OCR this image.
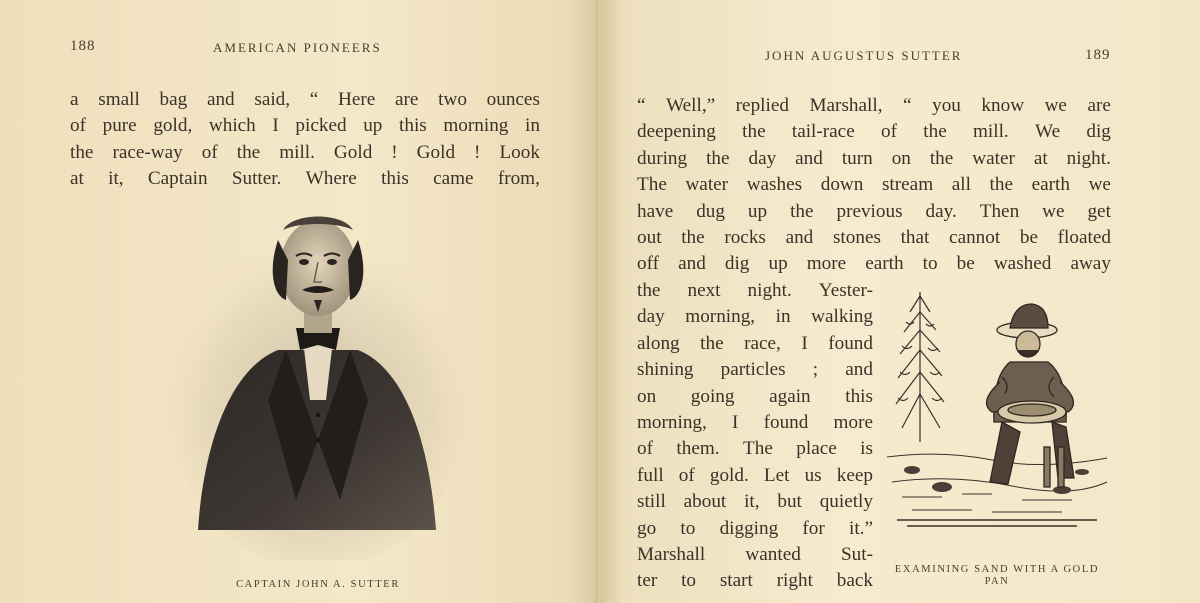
188	AMERICAN PIONEERS
a small bag and said, “ Here are two ounces
of pure gold, which I picked up this morning in
the race-way of the mill. Gold ! Gold ! Look
at it, Captain Sutter. Where this came from,
CAPTAIN JOHN A. SUTTER
JOHN AUGUSTUS SUTTER	189
“ Well,” replied Marshall, “ you know we are
deepening the tail-race of the mill. We dig
during the day and turn on the water at night.
The water washes down stream all the earth we
have dug up the previous day. Then we get
out the rocks and stones that cannot be floated
off and dig up more earth to be washed away
the next night. Yester-
day morning, in walking
along the race, I found
shining particles ; and
on going again this
morning, I found more
of them. The place is
full of gold. Let us keep
still about it, but quietly
go to digging for it.”
Marshall wanted Sut-
ter to start right back
EXAMINING SAND WITH A GOLD
PAN
